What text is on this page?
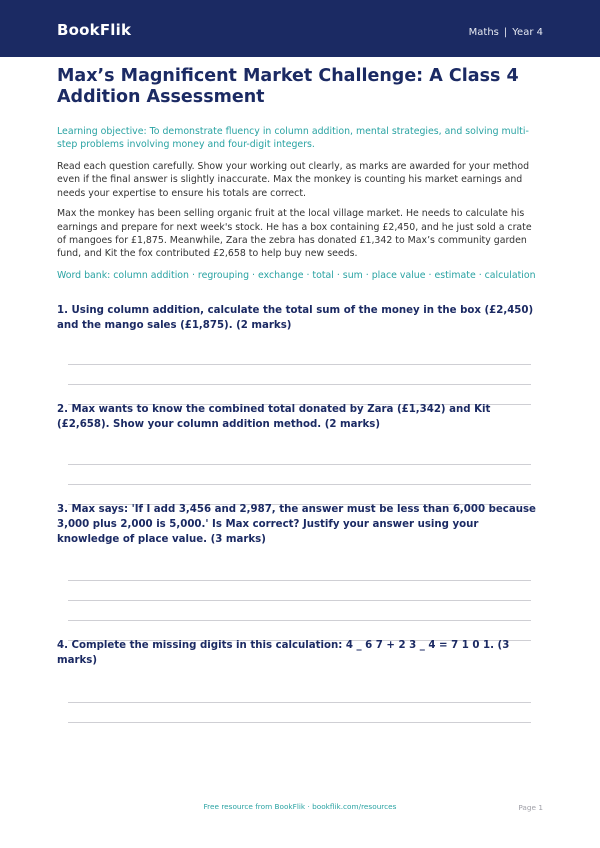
BookFlik	Maths | Year 4
Max’s Magnificent Market Challenge: A Class 4 Addition Assessment
Learning objective: To demonstrate fluency in column addition, mental strategies, and solving multi-step problems involving money and four-digit integers.
Read each question carefully. Show your working out clearly, as marks are awarded for your method even if the final answer is slightly inaccurate. Max the monkey is counting his market earnings and needs your expertise to ensure his totals are correct.
Max the monkey has been selling organic fruit at the local village market. He needs to calculate his earnings and prepare for next week's stock. He has a box containing £2,450, and he just sold a crate of mangoes for £1,875. Meanwhile, Zara the zebra has donated £1,342 to Max’s community garden fund, and Kit the fox contributed £2,658 to help buy new seeds.
Word bank: column addition · regrouping · exchange · total · sum · place value · estimate · calculation
1. Using column addition, calculate the total sum of the money in the box (£2,450) and the mango sales (£1,875). (2 marks)
2. Max wants to know the combined total donated by Zara (£1,342) and Kit (£2,658). Show your column addition method. (2 marks)
3. Max says: 'If I add 3,456 and 2,987, the answer must be less than 6,000 because 3,000 plus 2,000 is 5,000.' Is Max correct? Justify your answer using your knowledge of place value. (3 marks)
4. Complete the missing digits in this calculation: 4 _ 6 7 + 2 3 _ 4 = 7 1 0 1. (3 marks)
Free resource from BookFlik · bookflik.com/resources	Page 1
